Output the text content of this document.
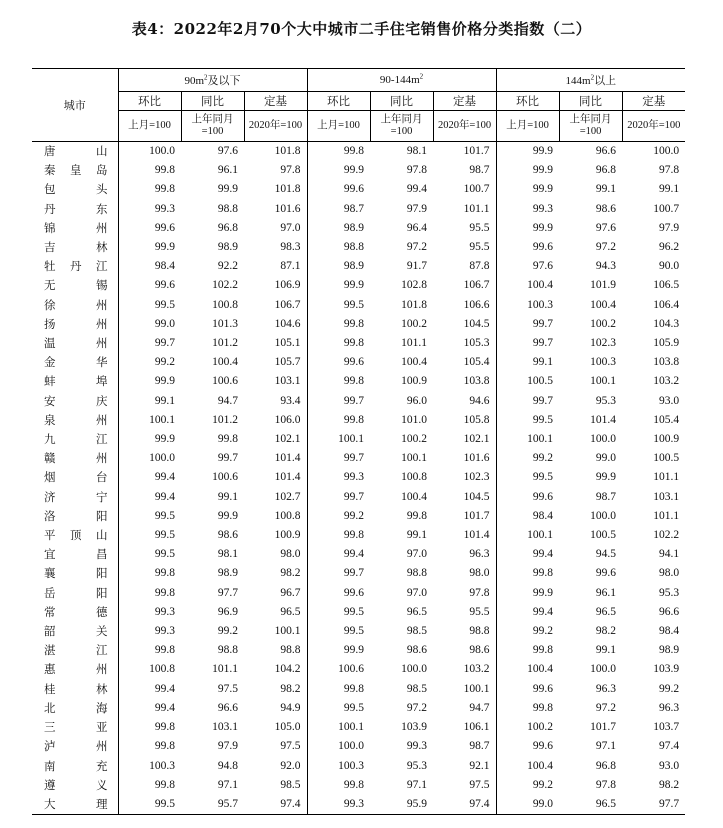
表4：2022年2月70个大中城市二手住宅销售价格分类指数（二）
城市	$90m^2$及以下			$90-144m^2$			$144m^2$以上		
	环比	同比	定基	环比	同比	定基	环比	同比	定基
	上月=100	上年同月=100	2020年=100	上月=100	上年同月=100	2020年=100	上月=100	上年同月=100	2020年=100

唐 山	100.0	97.6	101.8	99.8	98.1	101.7	99.9	96.6	100.0

秦 皇 岛	99.8	96.1	97.8	99.9	97.8	98.7	99.9	96.8	97.8

包 头	99.8	99.9	101.8	99.6	99.4	100.7	99.9	99.1	99.1

丹 东	99.3	98.8	101.6	98.7	97.9	101.1	99.3	98.6	100.7

锦 州	99.6	96.8	97.0	98.9	96.4	95.5	99.9	97.6	97.9

吉 林	99.9	98.9	98.3	98.8	97.2	95.5	99.6	97.2	96.2

牡 丹 江	98.4	92.2	87.1	98.9	91.7	87.8	97.6	94.3	90.0

无 锡	99.6	102.2	106.9	99.9	102.8	106.7	100.4	101.9	106.5

徐 州	99.5	100.8	106.7	99.5	101.8	106.6	100.3	100.4	106.4

扬 州	99.0	101.3	104.6	99.8	100.2	104.5	99.7	100.2	104.3

温 州	99.7	101.2	105.1	99.8	101.1	105.3	99.7	102.3	105.9

金 华	99.2	100.4	105.7	99.6	100.4	105.4	99.1	100.3	103.8

蚌 埠	99.9	100.6	103.1	99.8	100.9	103.8	100.5	100.1	103.2

安 庆	99.1	94.7	93.4	99.7	96.0	94.6	99.7	95.3	93.0

泉 州	100.1	101.2	106.0	99.8	101.0	105.8	99.5	101.4	105.4

九 江	99.9	99.8	102.1	100.1	100.2	102.1	100.1	100.0	100.9

赣 州	100.0	99.7	101.4	99.7	100.1	101.6	99.2	99.0	100.5

烟 台	99.4	100.6	101.4	99.3	100.8	102.3	99.5	99.9	101.1

济 宁	99.4	99.1	102.7	99.7	100.4	104.5	99.6	98.7	103.1

洛 阳	99.5	99.9	100.8	99.2	99.8	101.7	98.4	100.0	101.1

平 顶 山	99.5	98.6	100.9	99.8	99.1	101.4	100.1	100.5	102.2

宜 昌	99.5	98.1	98.0	99.4	97.0	96.3	99.4	94.5	94.1

襄 阳	99.8	98.9	98.2	99.7	98.8	98.0	99.8	99.6	98.0

岳 阳	99.8	97.7	96.7	99.6	97.0	97.8	99.9	96.1	95.3

常 德	99.3	96.9	96.5	99.5	96.5	95.5	99.4	96.5	96.6

韶 关	99.3	99.2	100.1	99.5	98.5	98.8	99.2	98.2	98.4

湛 江	99.8	98.8	98.8	99.9	98.6	98.6	99.8	99.1	98.9

惠 州	100.8	101.1	104.2	100.6	100.0	103.2	100.4	100.0	103.9

桂 林	99.4	97.5	98.2	99.8	98.5	100.1	99.6	96.3	99.2

北 海	99.4	96.6	94.9	99.5	97.2	94.7	99.8	97.2	96.3

三 亚	99.8	103.1	105.0	100.1	103.9	106.1	100.2	101.7	103.7

泸 州	99.8	97.9	97.5	100.0	99.3	98.7	99.6	97.1	97.4

南 充	100.3	94.8	92.0	100.3	95.3	92.1	100.4	96.8	93.0

遵 义	99.8	97.1	98.5	99.8	97.1	97.5	99.2	97.8	98.2

大 理	99.5	95.7	97.4	99.3	95.9	97.4	99.0	96.5	97.7
